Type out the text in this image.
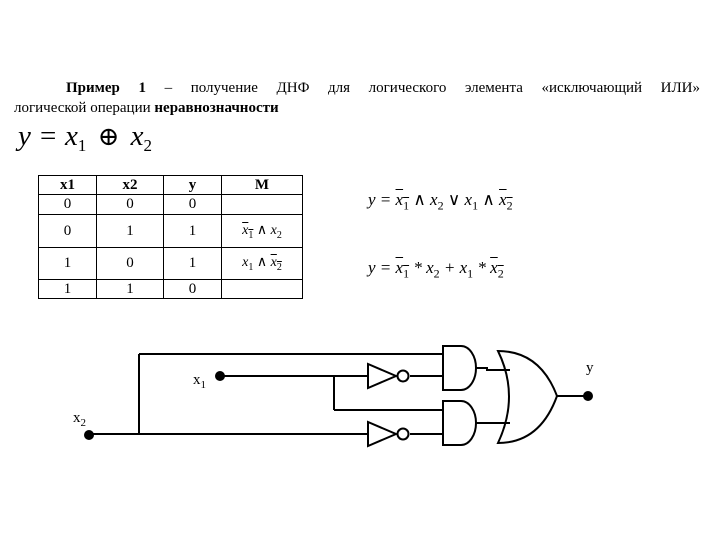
Пример 1 – получение ДНФ для логического элемента «исключающий ИЛИ»
логической операции неравнозначности
$y = x_1$ ⊕ $x_2$
x1	x2	y	M
0	0	0	
0	1	1	$x_1$ ∧ $x_2$
1	0	1	$x_1$ ∧ $x_2$
1	1	0	
$y = x_1$ ∧ $x_2$ ∨ $x_1$ ∧ $x_2$
$y = x_1 * x_2 + x_1 * x_2$
$x_1$
$x_2$
y
